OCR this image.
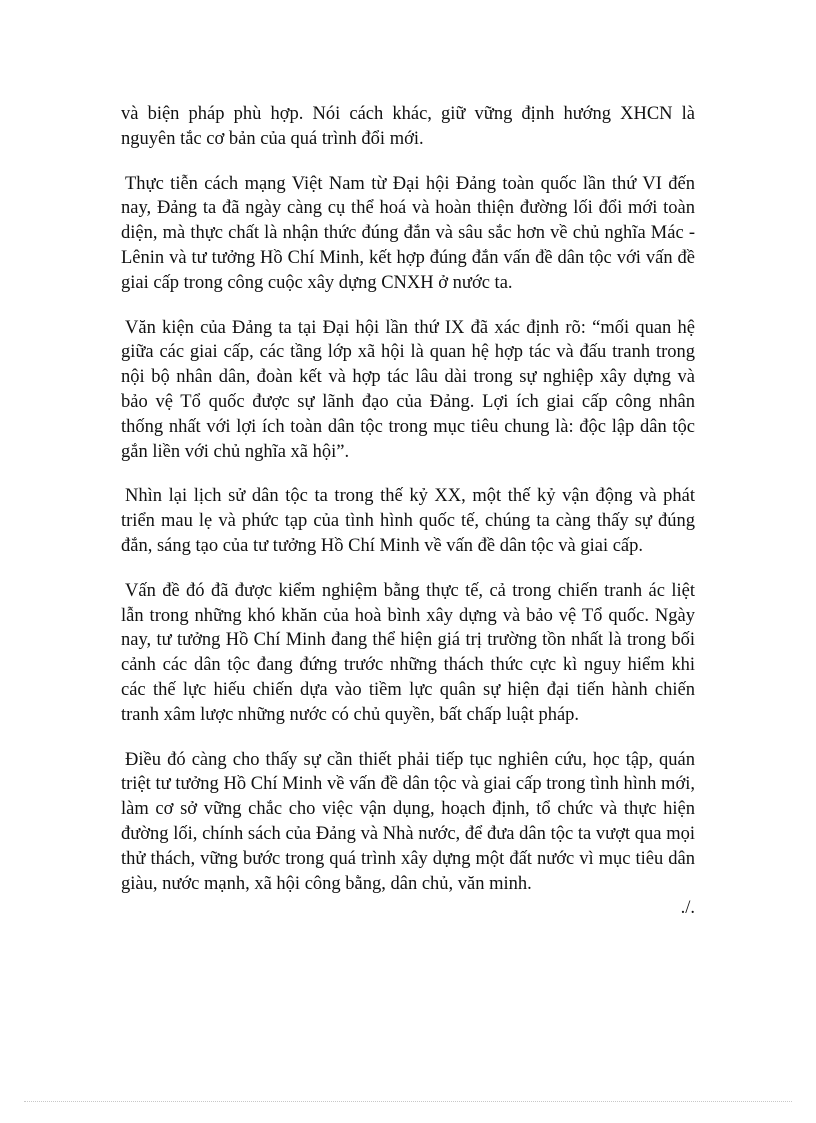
và biện pháp phù hợp. Nói cách khác, giữ vững định hướng XHCN là nguyên tắc cơ bản của quá trình đổi mới.

Thực tiễn cách mạng Việt Nam từ Đại hội Đảng toàn quốc lần thứ VI đến nay, Đảng ta đã ngày càng cụ thể hoá và hoàn thiện đường lối đổi mới toàn diện, mà thực chất là nhận thức đúng đắn và sâu sắc hơn về chủ nghĩa Mác - Lênin và tư tưởng Hồ Chí Minh, kết hợp đúng đắn vấn đề dân tộc với vấn đề giai cấp trong công cuộc xây dựng CNXH ở nước ta.

Văn kiện của Đảng ta tại Đại hội lần thứ IX đã xác định rõ: “mối quan hệ giữa các giai cấp, các tầng lớp xã hội là quan hệ hợp tác và đấu tranh trong nội bộ nhân dân, đoàn kết và hợp tác lâu dài trong sự nghiệp xây dựng và bảo vệ Tổ quốc được sự lãnh đạo của Đảng. Lợi ích giai cấp công nhân thống nhất với lợi ích toàn dân tộc trong mục tiêu chung là: độc lập dân tộc gắn liền với chủ nghĩa xã hội”.

Nhìn lại lịch sử dân tộc ta trong thế kỷ XX, một thế kỷ vận động và phát triển mau lẹ và phức tạp của tình hình quốc tế, chúng ta càng thấy sự đúng đắn, sáng tạo của tư tưởng Hồ Chí Minh về vấn đề dân tộc và giai cấp.

Vấn đề đó đã được kiểm nghiệm bằng thực tế, cả trong chiến tranh ác liệt lẫn trong những khó khăn của hoà bình xây dựng và bảo vệ Tổ quốc. Ngày nay, tư tưởng Hồ Chí Minh đang thể hiện giá trị trường tồn nhất là trong bối cảnh các dân tộc đang đứng trước những thách thức cực kì nguy hiểm khi các thế lực hiếu chiến dựa vào tiềm lực quân sự hiện đại tiến hành chiến tranh xâm lược những nước có chủ quyền, bất chấp luật pháp.

Điều đó càng cho thấy sự cần thiết phải tiếp tục nghiên cứu, học tập, quán triệt tư tưởng Hồ Chí Minh về vấn đề dân tộc và giai cấp trong tình hình mới, làm cơ sở vững chắc cho việc vận dụng, hoạch định, tổ chức và thực hiện đường lối, chính sách của Đảng và Nhà nước, để đưa dân tộc ta vượt qua mọi thử thách, vững bước trong quá trình xây dựng một đất nước vì mục tiêu dân giàu, nước mạnh, xã hội công bằng, dân chủ, văn minh.

./.
